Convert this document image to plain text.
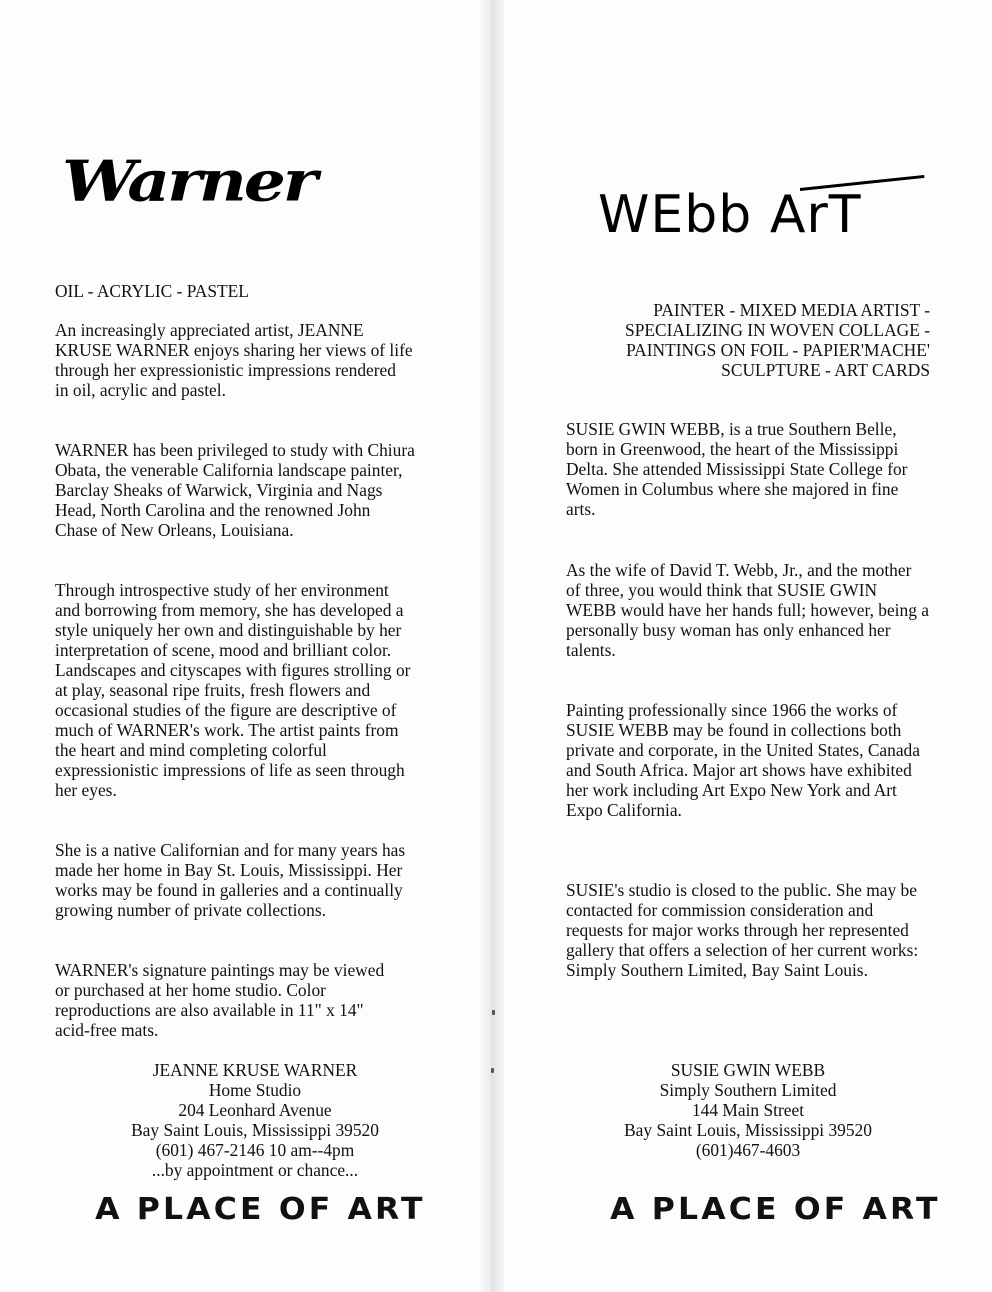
Warner
OIL - ACRYLIC - PASTEL

An increasingly appreciated artist, JEANNE KRUSE WARNER enjoys sharing her views of life through her expressionistic impressions rendered in oil, acrylic and pastel.

WARNER has been privileged to study with Chiura Obata, the venerable California landscape painter, Barclay Sheaks of Warwick, Virginia and Nags Head, North Carolina and the renowned John Chase of New Orleans, Louisiana.

Through introspective study of her environment and borrowing from memory, she has developed a style uniquely her own and distinguishable by her interpretation of scene, mood and brilliant color. Landscapes and cityscapes with figures strolling or at play, seasonal ripe fruits, fresh flowers and occasional studies of the figure are descriptive of much of WARNER's work. The artist paints from the heart and mind completing colorful expressionistic impressions of life as seen through her eyes.

She is a native Californian and for many years has made her home in Bay St. Louis, Mississippi. Her works may be found in galleries and a continually growing number of private collections.

WARNER's signature paintings may be viewed or purchased at her home studio. Color reproductions are also available in 11" x 14" acid-free mats.

JEANNE KRUSE WARNER
Home Studio
204 Leonhard Avenue
Bay Saint Louis, Mississippi 39520
(601) 467-2146 10 am--4pm
...by appointment or chance...
A PLACE OF ART
WEbb ArT
PAINTER - MIXED MEDIA ARTIST -
SPECIALIZING IN WOVEN COLLAGE -
PAINTINGS ON FOIL - PAPIER'MACHE'
SCULPTURE - ART CARDS

SUSIE GWIN WEBB, is a true Southern Belle, born in Greenwood, the heart of the Mississippi Delta. She attended Mississippi State College for Women in Columbus where she majored in fine arts.

As the wife of David T. Webb, Jr., and the mother of three, you would think that SUSIE GWIN WEBB would have her hands full; however, being a personally busy woman has only enhanced her talents.

Painting professionally since 1966 the works of SUSIE WEBB may be found in collections both private and corporate, in the United States, Canada and South Africa. Major art shows have exhibited her work including Art Expo New York and Art Expo California.

SUSIE's studio is closed to the public. She may be contacted for commission consideration and requests for major works through her represented gallery that offers a selection of her current works: Simply Southern Limited, Bay Saint Louis.

SUSIE GWIN WEBB
Simply Southern Limited
144 Main Street
Bay Saint Louis, Mississippi 39520
(601)467-4603
A PLACE OF ART
